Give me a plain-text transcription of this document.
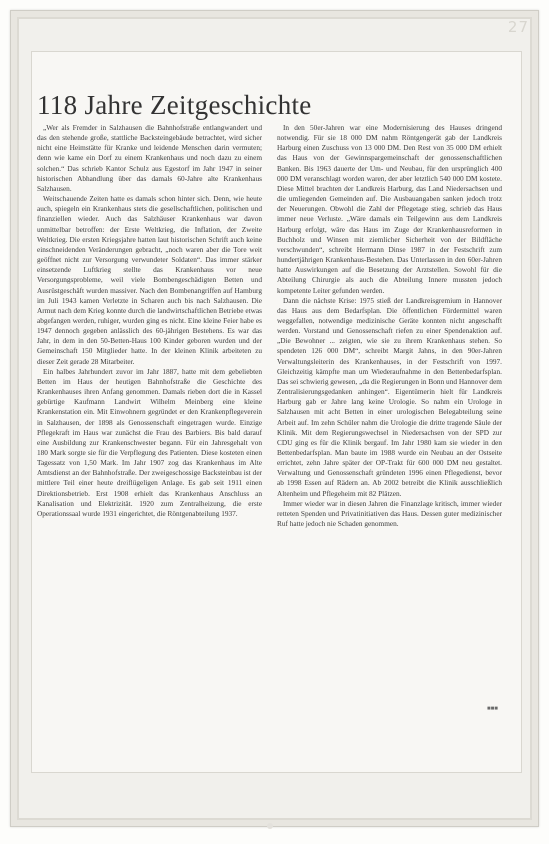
27
118 Jahre Zeitgeschichte

„Wer als Fremder in Salzhausen die Bahnhofstraße entlangwandert und das den stehende große, stattliche Backsteingebäude betrachtet, wird sicher nicht eine Heimstätte für Kranke und leidende Menschen darin vermuten; denn wie kame ein Dorf zu einem Krankenhaus und noch dazu zu einem solchen.“ Das schrieb Kantor Schulz aus Egestorf im Jahr 1947 in seiner historischen Abhandlung über das damals 60-Jahre alte Krankenhaus Salzhausen.

Weitschauende Zeiten hatte es damals schon hinter sich. Denn, wie heute auch, spiegeln ein Krankenhaus stets die gesellschaftlichen, politischen und finanziellen wieder. Auch das Salzhäuser Krankenhaus war davon unmittelbar betroffen: der Erste Weltkrieg, die Inflation, der Zweite Weltkrieg. Die ersten Kriegsjahre hatten laut historischen Schrift auch keine einschneidenden Veränderungen gebracht, „noch waren aber die Tore weit geöffnet nicht zur Versorgung verwundeter Soldaten“. Das immer stärker einsetzende Luftkrieg stellte das Krankenhaus vor neue Versorgungsprobleme, weil viele Bombengeschädigten Betten und Ausrüstgeschäft wurden massiver. Nach den Bombenangriffen auf Hamburg im Juli 1943 kamen Verletzte in Scharen auch bis nach Salzhausen. Die Armut nach dem Krieg konnte durch die landwirtschaftlichen Betriebe etwas abgefangen werden, ruhiger, wurden ging es nicht. Eine kleine Feier habe es 1947 dennoch gegeben anlässlich des 60-jährigen Bestehens. Es war das Jahr, in dem in den 50-Betten-Haus 100 Kinder geboren wurden und der Gemeinschaft 150 Mitglieder hatte. In der kleinen Klinik arbeiteten zu dieser Zeit gerade 28 Mitarbeiter.

Ein halbes Jahrhundert zuvor im Jahr 1887, hatte mit dem gebeliebten Betten im Haus der heutigen Bahnhofstraße die Geschichte des Krankenhauses ihren Anfang genommen. Damals rieben dort die in Kassel gebürtige Kaufmann Landwirt Wilhelm Meinberg eine kleine Krankenstation ein. Mit Einwohnern gegründet er den Krankenpflegeverein in Salzhausen, der 1898 als Genossenschaft eingetragen wurde. Einzige Pflegekraft im Haus war zunächst die Frau des Barbiers. Bis bald darauf eine Ausbildung zur Krankenschwester begann. Für ein Jahresgehalt von 180 Mark sorgte sie für die Verpflegung des Patienten. Diese kosteten einen Tagessatz von 1,50 Mark. Im Jahr 1907 zog das Krankenhaus im Alte Amtsdienst an der Bahnhofstraße. Der zweigeschossige Backsteinbau ist der mittlere Teil einer heute dreiflügeligen Anlage. Es gab seit 1911 einen Direktionsbetrieb. Erst 1908 erhielt das Krankenhaus Anschluss an Kanalisation und Elektrizität. 1920 zum Zentralheizung, die erste Operationssaal wurde 1931 eingerichtet, die Röntgenabteilung 1937.

In den 50er-Jahren war eine Modernisierung des Hauses dringend notwendig. Für sie 18 000 DM nahm Röntgengerät gab der Landkreis Harburg einen Zuschuss von 13 000 DM. Den Rest von 35 000 DM erhielt das Haus von der Gewinnspargemeinschaft der genossenschaftlichen Banken. Bis 1963 dauerte der Um- und Neubau, für den ursprünglich 400 000 DM veranschlagt worden waren, der aber letztlich 540 000 DM kostete. Diese Mittel brachten der Landkreis Harburg, das Land Niedersachsen und die umliegenden Gemeinden auf. Die Ausbauangaben sanken jedoch trotz der Neuerungen. Obwohl die Zahl der Pflegetage stieg, schrieb das Haus immer neue Verluste. „Wäre damals ein Teilgewinn aus dem Landkreis Harburg erfolgt, wäre das Haus im Zuge der Krankenhausreformen in Buchholz und Winsen mit ziemlicher Sicherheit von der Bildfläche verschwunden“, schreibt Hermann Dinse 1987 in der Festschrift zum hundertjährigen Krankenhaus-Bestehen. Das Unterlassen in den 60er-Jahren hatte Auswirkungen auf die Besetzung der Arztstellen. Sowohl für die Abteilung Chirurgie als auch die Abteilung Innere mussten jedoch kompetente Leiter gefunden werden.

Dann die nächste Krise: 1975 stieß der Landkreisgremium in Hannover das Haus aus dem Bedarfsplan. Die öffentlichen Fördermittel waren weggefallen, notwendige medizinische Geräte konnten nicht angeschafft werden. Vorstand und Genossenschaft riefen zu einer Spendenaktion auf. „Die Bewohner ... zeigten, wie sie zu ihrem Krankenhaus stehen. So spendeten 126 000 DM“, schreibt Margit Jahns, in den 90er-Jahren Verwaltungsleiterin des Krankenhauses, in der Festschrift von 1997. Gleichzeitig kämpfte man um Wiederaufnahme in den Bettenbedarfsplan. Das sei schwierig gewesen, „da die Regierungen in Bonn und Hannover dem Zentralisierungsgedanken anhingen“. Eigentümerin hielt für Landkreis Harburg gab er Jahre lang keine Urologie. So nahm ein Urologe in Salzhausen mit acht Betten in einer urologischen Belegabteilung seine Arbeit auf. Im zehn Schüler nahm die Urologie die dritte tragende Säule der Klinik. Mit dem Regierungswechsel in Niedersachsen von der SPD zur CDU ging es für die Klinik bergauf. Im Jahr 1980 kam sie wieder in den Bettenbedarfsplan. Man baute im 1988 wurde ein Neubau an der Ostseite errichtet, zehn Jahre später der OP-Trakt für 600 000 DM neu gestaltet. Verwaltung und Genossenschaft gründeten 1996 einen Pflegedienst, bevor ab 1998 Essen auf Rädern an. Ab 2002 betreibt die Klinik ausschließlich Altenheim und Pflegeheim mit 82 Plätzen.

Immer wieder war in diesen Jahren die Finanzlage kritisch, immer wieder retteten Spenden und Privatinitiativen das Haus. Dessen guter medizinischer Ruf hatte jedoch nie Schaden genommen.

■■■
